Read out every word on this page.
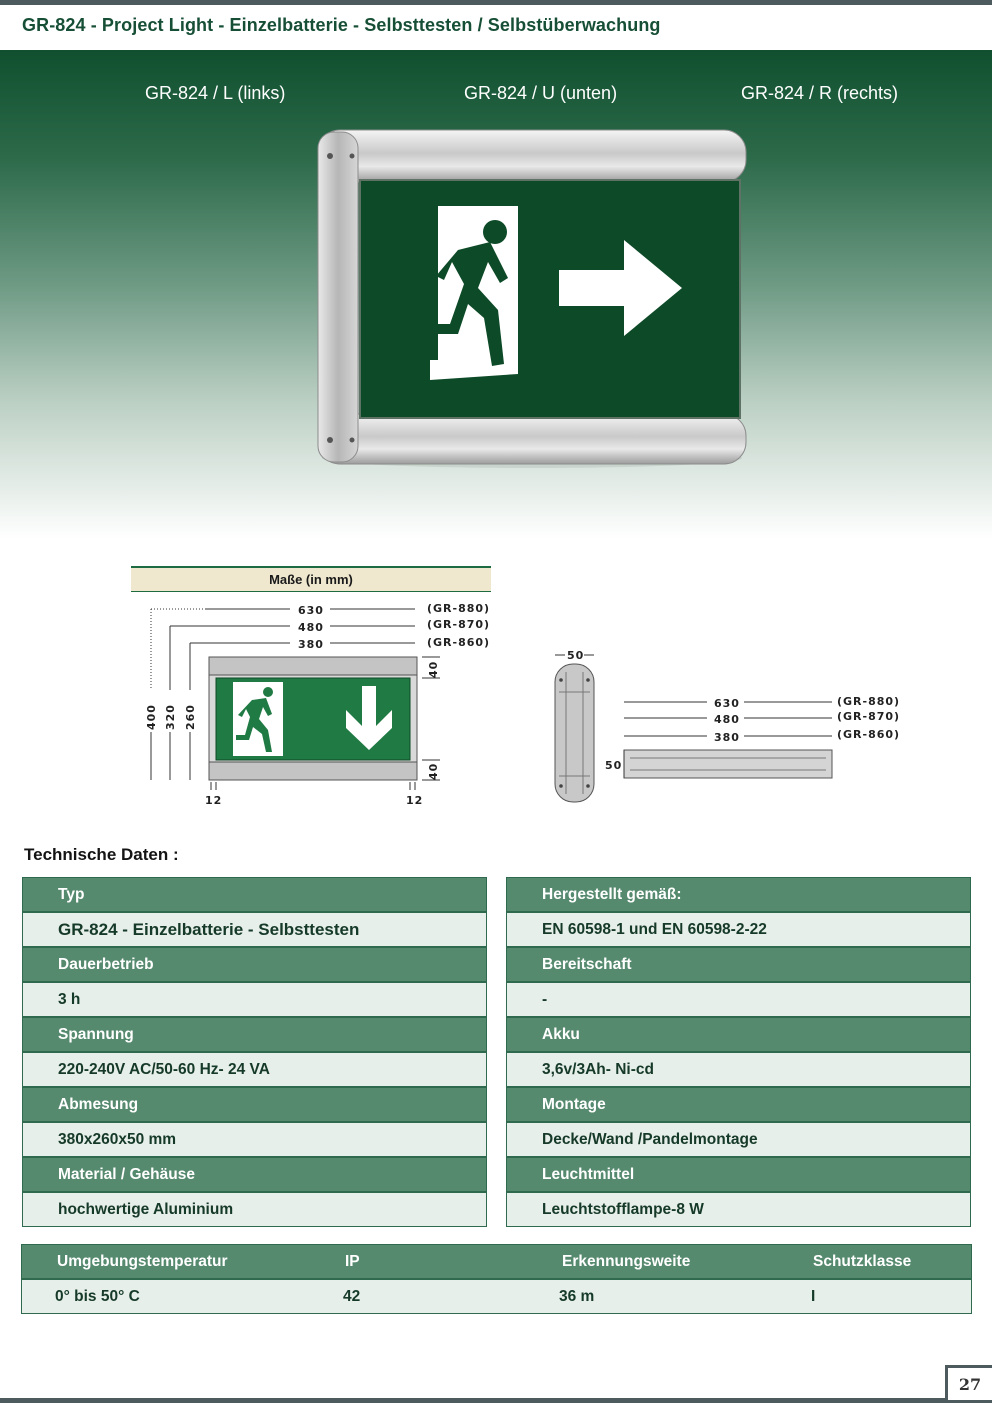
GR-824 - Project Light - Einzelbatterie - Selbsttesten / Selbstüberwachung
GR-824 / L (links)	GR-824 / U (unten)	GR-824 / R (rechts)
Maße (in mm)
630
480
380
(GR-880)
(GR-870)
(GR-860)
400 320 260
40
40
12	12
50
630
480
380
(GR-880)
(GR-870)
(GR-860)
50
Technische Daten :
Typ
GR-824 - Einzelbatterie - Selbsttesten
Dauerbetrieb
3 h
Spannung
220-240V AC/50-60 Hz- 24 VA
Abmesung
380x260x50 mm
Material / Gehäuse
hochwertige Aluminium
Hergestellt gemäß:
EN 60598-1 und EN 60598-2-22
Bereitschaft
-
Akku
3,6v/3Ah- Ni-cd
Montage
Decke/Wand /Pandelmontage
Leuchtmittel
Leuchtstofflampe-8 W
Umgebungstemperatur	IP	Erkennungsweite	Schutzklasse
0° bis 50° C	42	36 m	I
27
